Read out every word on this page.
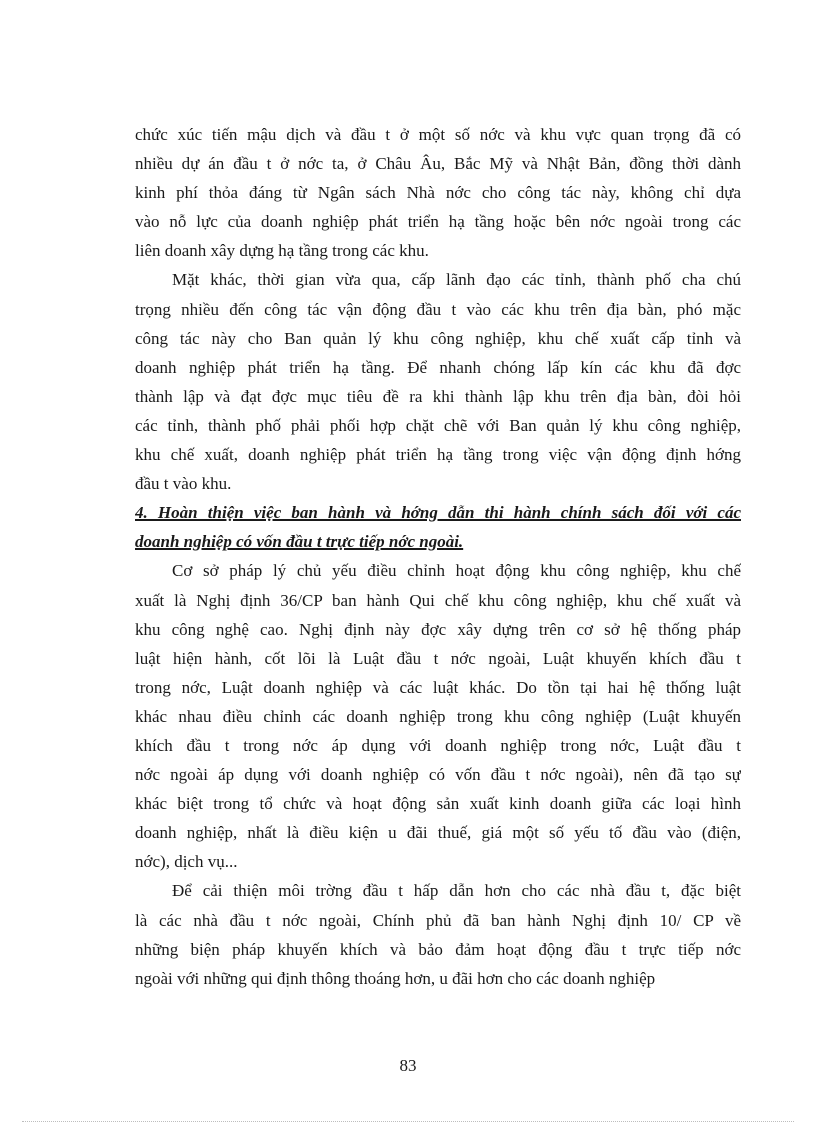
chức xúc tiến mậu dịch và đầu t ở một số nớc và khu vực quan trọng đã có
nhiều dự án đầu t ở nớc ta, ở Châu Âu, Bắc Mỹ và Nhật Bản, đồng thời dành
kinh phí thỏa đáng từ Ngân sách Nhà nớc cho công tác này, không chỉ dựa
vào nỗ lực của doanh nghiệp phát triển hạ tầng hoặc bên nớc ngoài trong các
liên doanh xây dựng hạ tầng trong các khu.
Mặt khác, thời gian vừa qua, cấp lãnh đạo các tỉnh, thành phố cha chú
trọng nhiều đến công tác vận động đầu t vào các khu trên địa bàn, phó mặc
công tác này cho Ban quản lý khu công nghiệp, khu chế xuất cấp tỉnh và
doanh nghiệp phát triển hạ tầng. Để nhanh chóng lấp kín các khu đã đợc
thành lập và đạt đợc mục tiêu đề ra khi thành lập khu trên địa bàn, đòi hỏi
các tỉnh, thành phố phải phối hợp chặt chẽ với Ban quản lý khu công nghiệp,
khu chế xuất, doanh nghiệp phát triển hạ tầng trong việc vận động định hớng
đầu t vào khu.
4. Hoàn thiện việc ban hành và hớng dẫn thi hành chính sách đối với các
doanh nghiệp có vốn đầu t trực tiếp nớc ngoài.
Cơ sở pháp lý chủ yếu điều chỉnh hoạt động khu công nghiệp, khu chế
xuất là Nghị định 36/CP ban hành Qui chế khu công nghiệp, khu chế xuất và
khu công nghệ cao. Nghị định này đợc xây dựng trên cơ sở hệ thống pháp
luật hiện hành, cốt lõi là Luật đầu t nớc ngoài, Luật khuyến khích đầu t
trong nớc, Luật doanh nghiệp và các luật khác. Do tồn tại hai hệ thống luật
khác nhau điều chỉnh các doanh nghiệp trong khu công nghiệp (Luật khuyến
khích đầu t trong nớc áp dụng với doanh nghiệp trong nớc, Luật đầu t
nớc ngoài áp dụng với doanh nghiệp có vốn đầu t nớc ngoài), nên đã tạo sự
khác biệt trong tổ chức và hoạt động sản xuất kinh doanh giữa các loại hình
doanh nghiệp, nhất là điều kiện u đãi thuế, giá một số yếu tố đầu vào (điện,
nớc), dịch vụ...
Để cải thiện môi trờng đầu t hấp dẫn hơn cho các nhà đầu t, đặc biệt
là các nhà đầu t nớc ngoài, Chính phủ đã ban hành Nghị định 10/ CP về
những biện pháp khuyến khích và bảo đảm hoạt động đầu t trực tiếp nớc
ngoài với những qui định thông thoáng hơn, u đãi hơn cho các doanh nghiệp
83
